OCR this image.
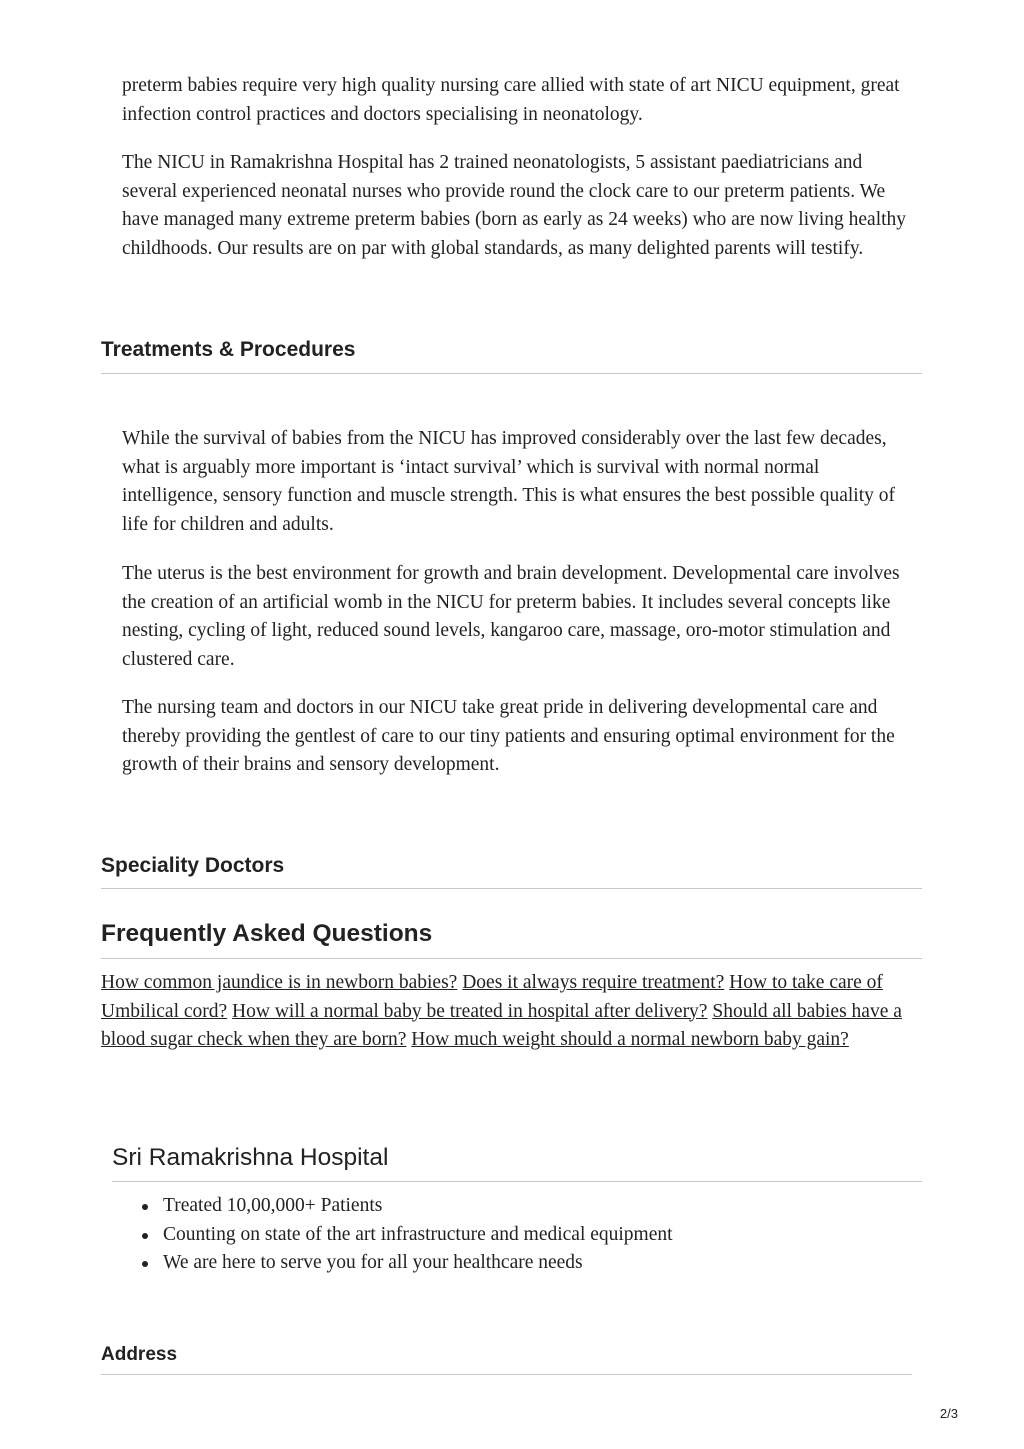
preterm babies require very high quality nursing care allied with state of art NICU equipment, great infection control practices and doctors specialising in neonatology.

The NICU in Ramakrishna Hospital has 2 trained neonatologists, 5 assistant paediatricians and several experienced neonatal nurses who provide round the clock care to our preterm patients. We have managed many extreme preterm babies (born as early as 24 weeks) who are now living healthy childhoods. Our results are on par with global standards, as many delighted parents will testify.

Treatments & Procedures

While the survival of babies from the NICU has improved considerably over the last few decades, what is arguably more important is ‘intact survival’ which is survival with normal normal intelligence, sensory function and muscle strength. This is what ensures the best possible quality of life for children and adults.

The uterus is the best environment for growth and brain development. Developmental care involves the creation of an artificial womb in the NICU for preterm babies. It includes several concepts like nesting, cycling of light, reduced sound levels, kangaroo care, massage, oro-motor stimulation and clustered care.

The nursing team and doctors in our NICU take great pride in delivering developmental care and thereby providing the gentlest of care to our tiny patients and ensuring optimal environment for the growth of their brains and sensory development.

Speciality Doctors
Frequently Asked Questions

How common jaundice is in newborn babies? Does it always require treatment? How to take care of Umbilical cord? How will a normal baby be treated in hospital after delivery? Should all babies have a blood sugar check when they are born? How much weight should a normal newborn baby gain?

Sri Ramakrishna Hospital
Treated 10,00,000+ Patients
Counting on state of the art infrastructure and medical equipment
We are here to serve you for all your healthcare needs
Address
2/3
